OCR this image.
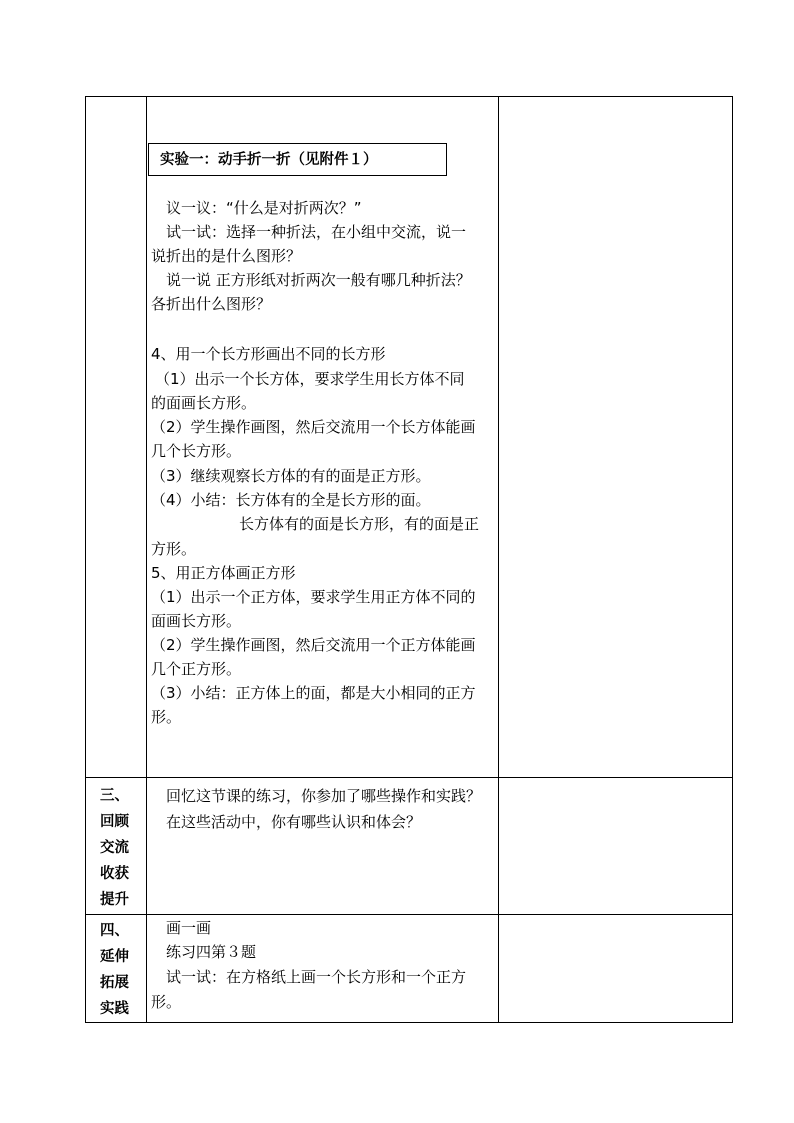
实验一：动手折一折（见附件１）
议一议：“什么是对折两次？”
试一试：选择一种折法，在小组中交流，说一
说折出的是什么图形？
说一说 正方形纸对折两次一般有哪几种折法？
各折出什么图形？
4、用一个长方形画出不同的长方形
（1）出示一个长方体，要求学生用长方体不同
的面画长方形。
（2）学生操作画图，然后交流用一个长方体能画
几个长方形。
（3）继续观察长方体的有的面是正方形。
（4）小结：长方体有的全是长方形的面。
长方体有的面是长方形，有的面是正
方形。
5、用正方体画正方形
（1）出示一个正方体，要求学生用正方体不同的
面画长方形。
（2）学生操作画图，然后交流用一个正方体能画
几个正方形。
（3）小结：正方体上的面，都是大小相同的正方
形。
三、
回顾
交流
收获
提升
回忆这节课的练习，你参加了哪些操作和实践？
在这些活动中，你有哪些认识和体会？
四、
延伸
拓展
实践
画一画
练习四第３题
试一试：在方格纸上画一个长方形和一个正方
形。
